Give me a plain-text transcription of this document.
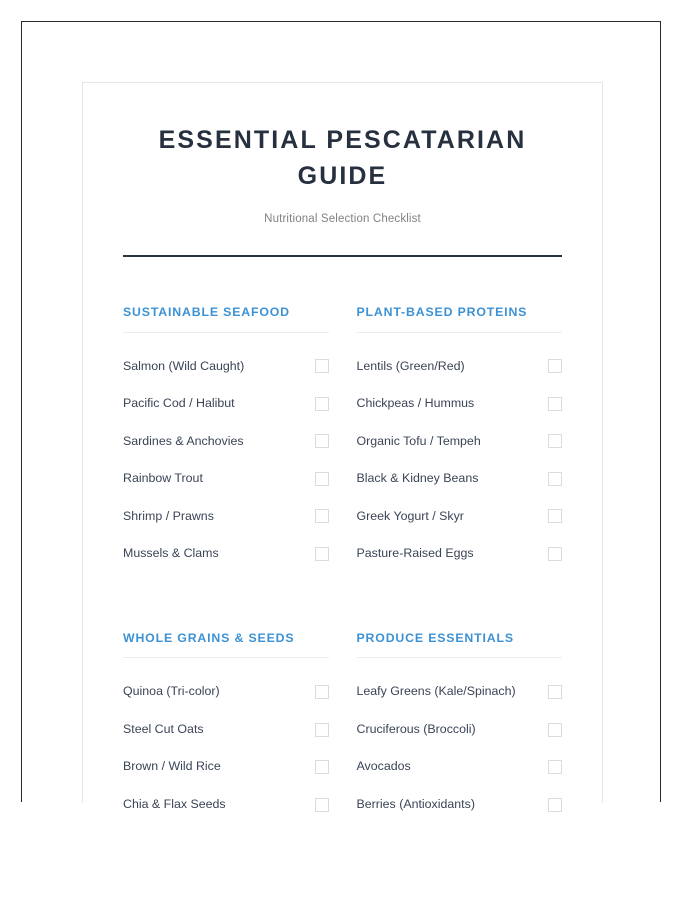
ESSENTIAL PESCATARIAN GUIDE

Nutritional Selection Checklist

SUSTAINABLE SEAFOOD
Salmon (Wild Caught)
Pacific Cod / Halibut
Sardines & Anchovies
Rainbow Trout
Shrimp / Prawns
Mussels & Clams
PLANT-BASED PROTEINS
Lentils (Green/Red)
Chickpeas / Hummus
Organic Tofu / Tempeh
Black & Kidney Beans
Greek Yogurt / Skyr
Pasture-Raised Eggs
WHOLE GRAINS & SEEDS
Quinoa (Tri-color)
Steel Cut Oats
Brown / Wild Rice
Chia & Flax Seeds
PRODUCE ESSENTIALS
Leafy Greens (Kale/Spinach)
Cruciferous (Broccoli)
Avocados
Berries (Antioxidants)
